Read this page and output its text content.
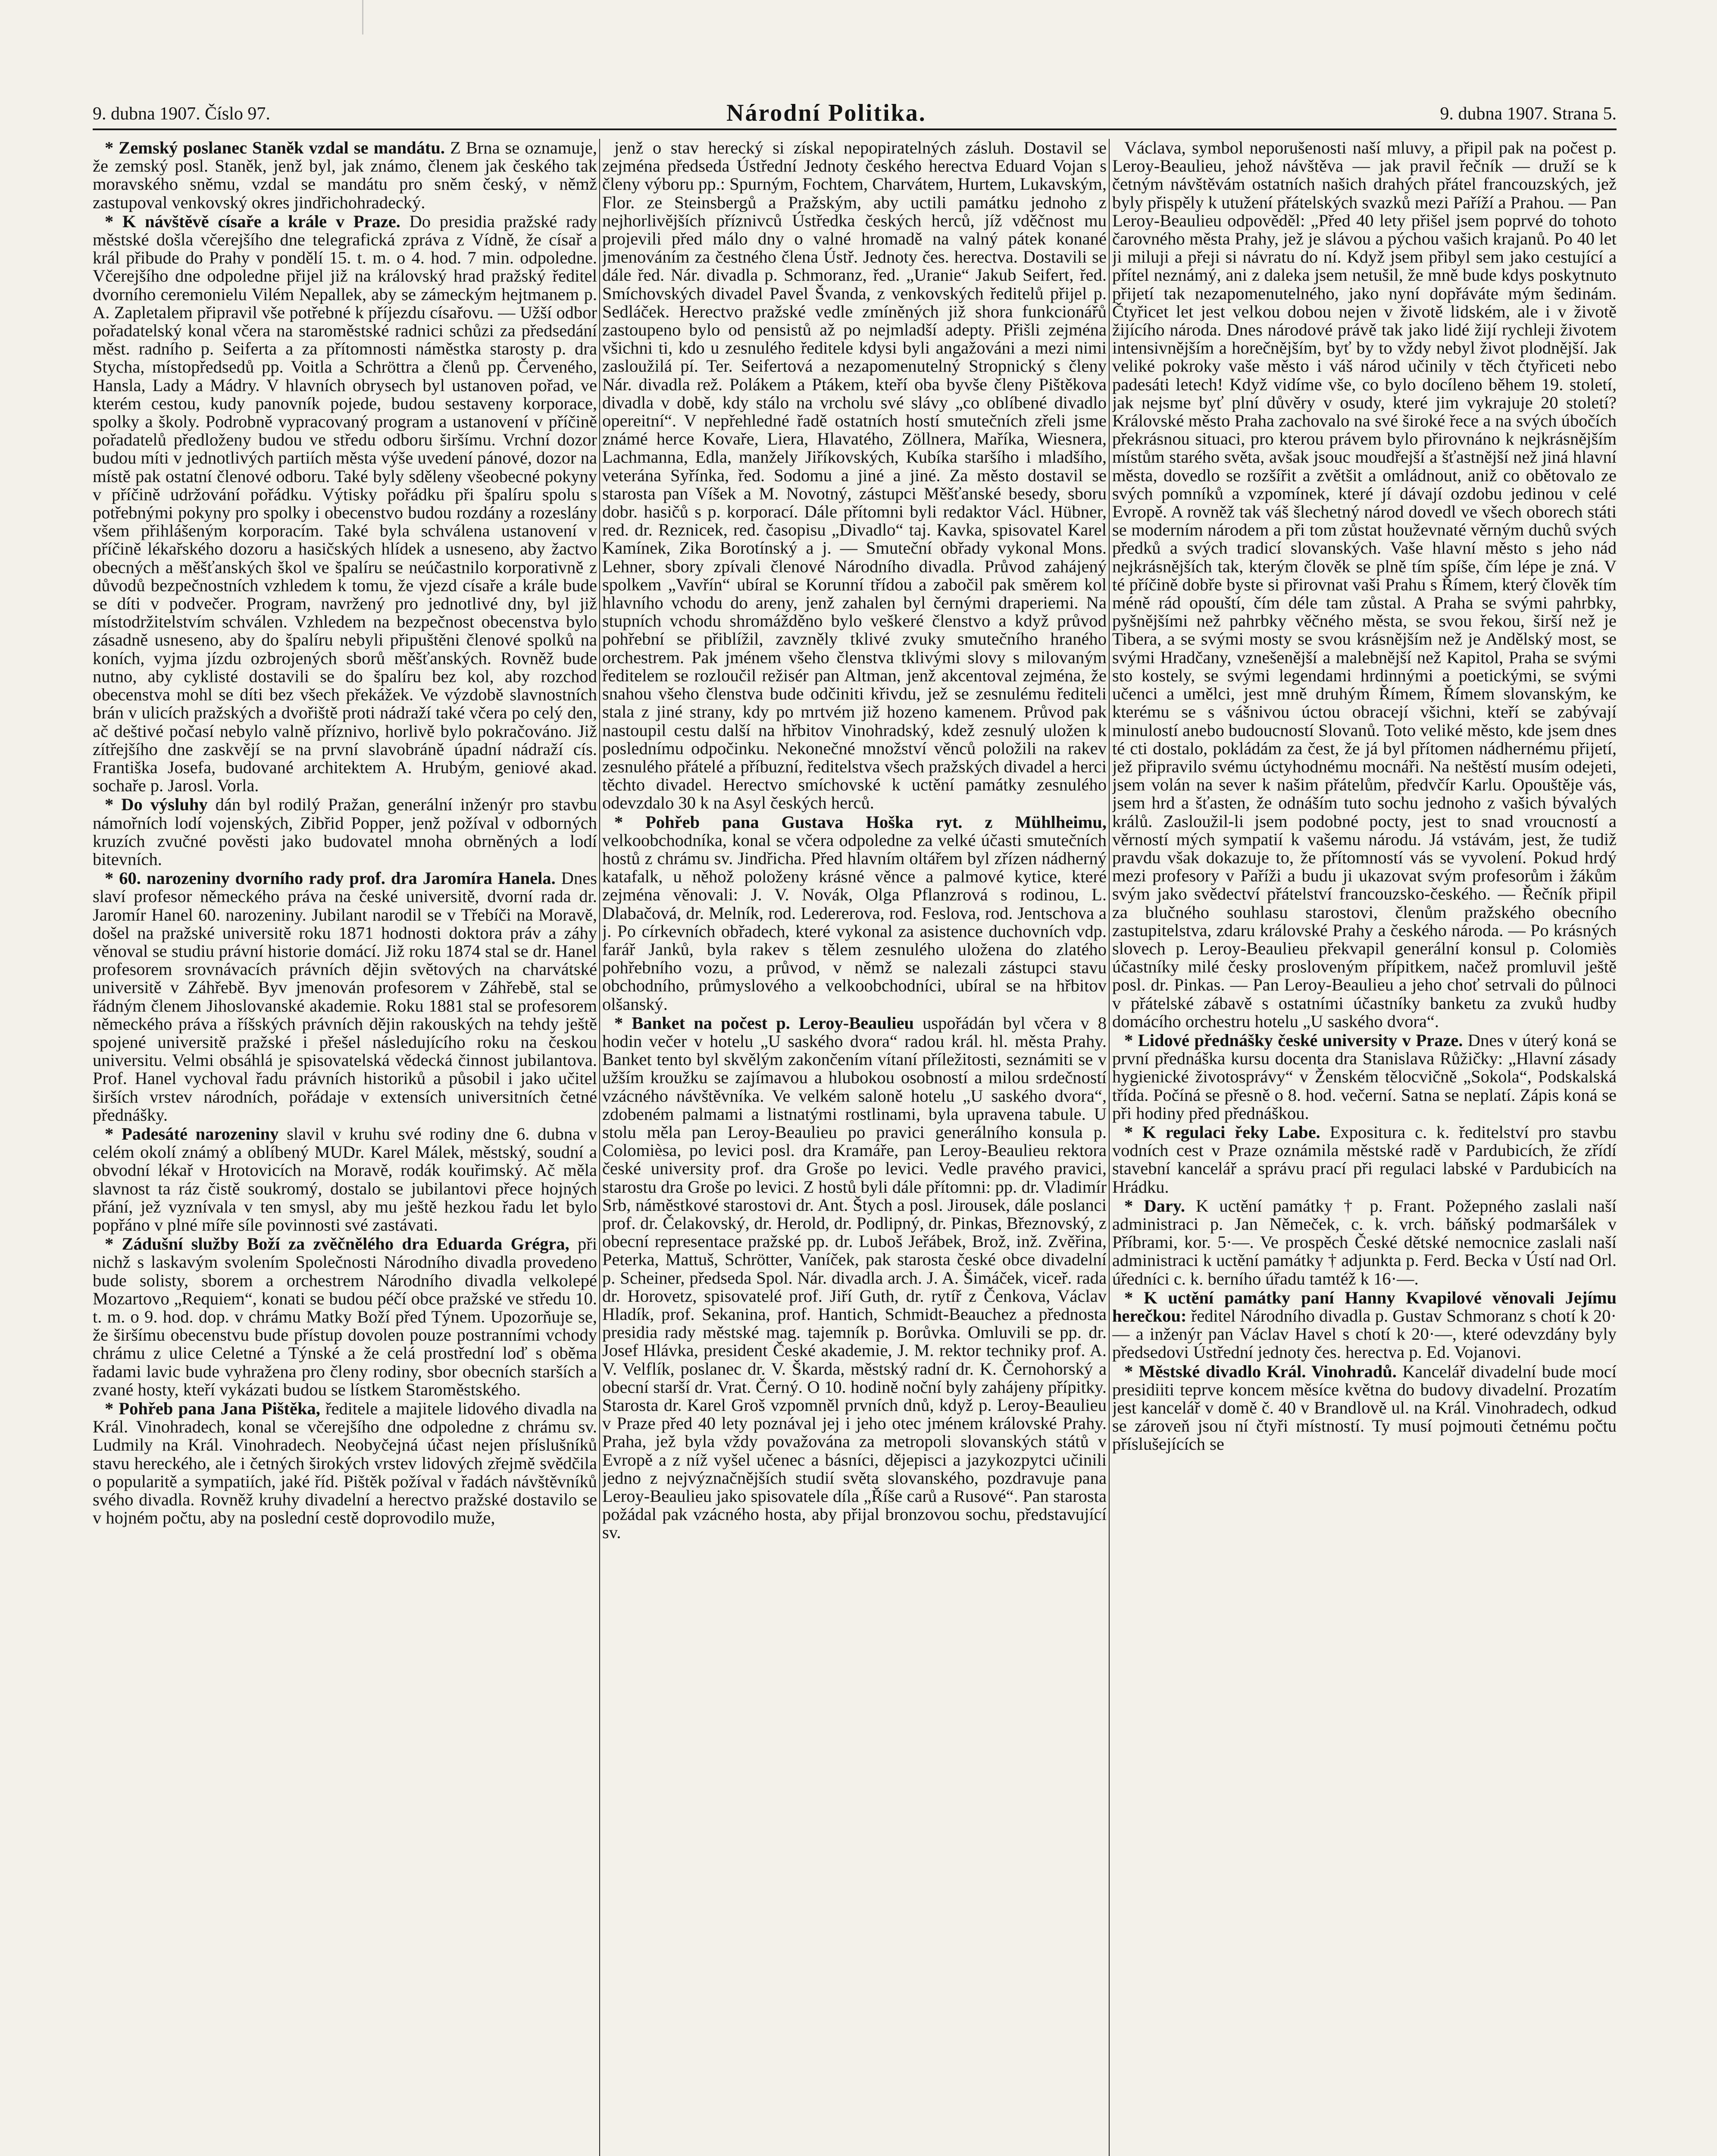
9. dubna 1907. Číslo 97.	Národní Politika.	9. dubna 1907. Strana 5.

* Zemský poslanec Staněk vzdal se mandátu. Z Brna se oznamuje, že zemský posl. Staněk, jenž byl, jak známo, členem jak českého tak moravského sněmu, vzdal se mandátu pro sněm český, v němž zastupoval venkovský okres jindřichohradecký.

* K návštěvě císaře a krále v Praze. Do presidia pražské rady městské došla včerejšího dne telegrafická zpráva z Vídně, že císař a král přibude do Prahy v pondělí 15. t. m. o 4. hod. 7 min. odpoledne. Včerejšího dne odpoledne přijel již na královský hrad pražský ředitel dvorního ceremonielu Vilém Nepallek, aby se zámeckým hejtmanem p. A. Zapletalem připravil vše potřebné k příjezdu císařovu. — Užší odbor pořadatelský konal včera na staroměstské radnici schůzi za předsedání měst. radního p. Seiferta a za přítomnosti náměstka starosty p. dra Stycha, místopředsedů pp. Voitla a Schröttra a členů pp. Červeného, Hansla, Lady a Mádry. V hlavních obrysech byl ustanoven pořad, ve kterém cestou, kudy panovník pojede, budou sestaveny korporace, spolky a školy. Podrobně vypracovaný program a ustanovení v příčině pořadatelů předloženy budou ve středu odboru širšímu. Vrchní dozor budou míti v jednotlivých partiích města výše uvedení pánové, dozor na místě pak ostatní členové odboru. Také byly sděleny všeobecné pokyny v příčině udržování pořádku. Výtisky pořádku při špalíru spolu s potřebnými pokyny pro spolky i obecenstvo budou rozdány a rozeslány všem přihlášeným korporacím. Také byla schválena ustanovení v příčině lékařského dozoru a hasičských hlídek a usneseno, aby žactvo obecných a měšťanských škol ve špalíru se neúčastnilo korporativně z důvodů bezpečnostních vzhledem k tomu, že vjezd císaře a krále bude se díti v podvečer. Program, navržený pro jednotlivé dny, byl již místodržitelstvím schválen. Vzhledem na bezpečnost obecenstva bylo zásadně usneseno, aby do špalíru nebyli připuštěni členové spolků na koních, vyjma jízdu ozbrojených sborů měšťanských. Rovněž bude nutno, aby cyklisté dostavili se do špalíru bez kol, aby rozchod obecenstva mohl se díti bez všech překážek. Ve výzdobě slavnostních brán v ulicích pražských a dvořiště proti nádraží také včera po celý den, ač deštivé počasí nebylo valně příznivo, horlivě bylo pokračováno. Již zítřejšího dne zaskvějí se na první slavobráně úpadní nádraží cís. Františka Josefa, budované architektem A. Hrubým, geniové akad. sochaře p. Jarosl. Vorla.

* Do výsluhy dán byl rodilý Pražan, generální inženýr pro stavbu námořních lodí vojenských, Zibřid Popper, jenž požíval v odborných kruzích zvučné pověsti jako budovatel mnoha obrněných a lodí bitevních.

* 60. narozeniny dvorního rady prof. dra Jaromíra Hanela. Dnes slaví profesor německého práva na české universitě, dvorní rada dr. Jaromír Hanel 60. narozeniny. Jubilant narodil se v Třebíči na Moravě, došel na pražské universitě roku 1871 hodnosti doktora práv a záhy věnoval se studiu právní historie domácí. Již roku 1874 stal se dr. Hanel profesorem srovnávacích právních dějin světových na charvátské universitě v Záhřebě. Byv jmenován profesorem v Záhřebě, stal se řádným členem Jihoslovanské akademie. Roku 1881 stal se profesorem německého práva a říšských právních dějin rakouských na tehdy ještě spojené universitě pražské i přešel následujícího roku na českou universitu. Velmi obsáhlá je spisovatelská vědecká činnost jubilantova. Prof. Hanel vychoval řadu právních historiků a působil i jako učitel širších vrstev národních, pořádaje v extensích universitních četné přednášky.

* Padesáté narozeniny slavil v kruhu své rodiny dne 6. dubna v celém okolí známý a oblíbený MUDr. Karel Málek, městský, soudní a obvodní lékař v Hrotovicích na Moravě, rodák kouřimský. Ač měla slavnost ta ráz čistě soukromý, dostalo se jubilantovi přece hojných přání, jež vyznívala v ten smysl, aby mu ještě hezkou řadu let bylo popřáno v plné míře síle povinnosti své zastávati.

* Zádušní služby Boží za zvěčnělého dra Eduarda Grégra, při nichž s laskavým svolením Společnosti Národního divadla provedeno bude solisty, sborem a orchestrem Národního divadla velkolepé Mozartovo „Requiem“, konati se budou péčí obce pražské ve středu 10. t. m. o 9. hod. dop. v chrámu Matky Boží před Týnem. Upozorňuje se, že širšímu obecenstvu bude přístup dovolen pouze postranními vchody chrámu z ulice Celetné a Týnské a že celá prostřední loď s oběma řadami lavic bude vyhražena pro členy rodiny, sbor obecních starších a zvané hosty, kteří vykázati budou se lístkem Staroměstského.

* Pohřeb pana Jana Pištěka, ředitele a majitele lidového divadla na Král. Vinohradech, konal se včerejšího dne odpoledne z chrámu sv. Ludmily na Král. Vinohradech. Neobyčejná účast nejen příslušníků stavu hereckého, ale i četných širokých vrstev lidových zřejmě svědčila o popularitě a sympatiích, jaké říd. Pištěk požíval v řadách návštěvníků svého divadla. Rovněž kruhy divadelní a herectvo pražské dostavilo se v hojném počtu, aby na poslední cestě doprovodilo muže,

jenž o stav herecký si získal nepopiratelných zásluh. Dostavil se zejména předseda Ústřední Jednoty českého herectva Eduard Vojan s členy výboru pp.: Spurným, Fochtem, Charvátem, Hurtem, Lukavským, Flor. ze Steinsbergů a Pražským, aby uctili památku jednoho z nejhorlivějších příznivců Ústředka českých herců, jíž vděčnost mu projevili před málo dny o valné hromadě na valný pátek konané jmenováním za čestného člena Ústř. Jednoty čes. herectva. Dostavili se dále řed. Nár. divadla p. Schmoranz, řed. „Uranie“ Jakub Seifert, řed. Smíchovských divadel Pavel Švanda, z venkovských ředitelů přijel p. Sedláček. Herectvo pražské vedle zmíněných již shora funkcionářů zastoupeno bylo od pensistů až po nejmladší adepty. Přišli zejména všichni ti, kdo u zesnulého ředitele kdysi byli angažováni a mezi nimi zasloužilá pí. Ter. Seifertová a nezapomenutelný Stropnický s členy Nár. divadla rež. Polákem a Ptákem, kteří oba byvše členy Pištěkova divadla v době, kdy stálo na vrcholu své slávy „co oblíbené divadlo opereitní“. V nepřehledné řadě ostatních hostí smutečních zřeli jsme známé herce Kovaře, Liera, Hlavatého, Zöllnera, Maříka, Wiesnera, Lachmanna, Edla, manžely Jiříkovských, Kubíka staršího i mladšího, veterána Syřínka, řed. Sodomu a jiné a jiné. Za město dostavil se starosta pan Víšek a M. Novotný, zástupci Měšťanské besedy, sboru dobr. hasičů s p. korporací. Dále přítomni byli redaktor Václ. Hübner, red. dr. Reznicek, red. časopisu „Divadlo“ taj. Kavka, spisovatel Karel Kamínek, Zika Borotínský a j. — Smuteční obřady vykonal Mons. Lehner, sbory zpívali členové Národního divadla. Průvod zahájený spolkem „Vavřín“ ubíral se Korunní třídou a zabočil pak směrem kol hlavního vchodu do areny, jenž zahalen byl černými draperiemi. Na stupních vchodu shromážděno bylo veškeré členstvo a když průvod pohřební se přiblížil, zavzněly tklivé zvuky smutečního hraného orchestrem. Pak jménem všeho členstva tklivými slovy s milovaným ředitelem se rozloučil režisér pan Altman, jenž akcentoval zejména, že snahou všeho členstva bude odčiniti křivdu, jež se zesnulému řediteli stala z jiné strany, kdy po mrtvém již hozeno kamenem. Průvod pak nastoupil cestu další na hřbitov Vinohradský, kdež zesnulý uložen k poslednímu odpočinku. Nekonečné množství věnců položili na rakev zesnulého přátelé a příbuzní, ředitelstva všech pražských divadel a herci těchto divadel. Herectvo smíchovské k uctění památky zesnulého odevzdalo 30 k na Asyl českých herců.

* Pohřeb pana Gustava Hoška ryt. z Mühlheimu, velkoobchodníka, konal se včera odpoledne za velké účasti smutečních hostů z chrámu sv. Jindřicha. Před hlavním oltářem byl zřízen nádherný katafalk, u něhož položeny krásné věnce a palmové kytice, které zejména věnovali: J. V. Novák, Olga Pflanzrová s rodinou, L. Dlabačová, dr. Melník, rod. Ledererova, rod. Feslova, rod. Jentschova a j. Po církevních obřadech, které vykonal za asistence duchovních vdp. farář Janků, byla rakev s tělem zesnulého uložena do zlatého pohřebního vozu, a průvod, v němž se nalezali zástupci stavu obchodního, průmyslového a velkoobchodníci, ubíral se na hřbitov olšanský.

* Banket na počest p. Leroy-Beaulieu uspořádán byl včera v 8 hodin večer v hotelu „U saského dvora“ radou král. hl. města Prahy. Banket tento byl skvělým zakončením vítaní příležitosti, seznámiti se v užším kroužku se zajímavou a hlubokou osobností a milou srdečností vzácného návštěvníka. Ve velkém saloně hotelu „U saského dvora“, zdobeném palmami a listnatými rostlinami, byla upravena tabule. U stolu měla pan Leroy-Beaulieu po pravici generálního konsula p. Colomièsa, po levici posl. dra Kramáře, pan Leroy-Beaulieu rektora české university prof. dra Groše po levici. Vedle pravého pravici, starostu dra Groše po levici. Z hostů byli dále přítomni: pp. dr. Vladimír Srb, náměstkové starostovi dr. Ant. Štych a posl. Jirousek, dále poslanci prof. dr. Čelakovský, dr. Herold, dr. Podlipný, dr. Pinkas, Březnovský, z obecní representace pražské pp. dr. Luboš Jeřábek, Brož, inž. Zvěřina, Peterka, Mattuš, Schrötter, Vaníček, pak starosta české obce divadelní p. Scheiner, předseda Spol. Nár. divadla arch. J. A. Šimáček, viceř. rada dr. Horovetz, spisovatelé prof. Jiří Guth, dr. rytíř z Čenkova, Václav Hladík, prof. Sekanina, prof. Hantich, Schmidt-Beauchez a přednosta presidia rady městské mag. tajemník p. Borůvka. Omluvili se pp. dr. Josef Hlávka, president České akademie, J. M. rektor techniky prof. A. V. Velflík, poslanec dr. V. Škarda, městský radní dr. K. Černohorský a obecní starší dr. Vrat. Černý. O 10. hodině noční byly zahájeny přípitky. Starosta dr. Karel Groš vzpomněl prvních dnů, když p. Leroy-Beaulieu v Praze před 40 lety poznával jej i jeho otec jménem královské Prahy. Praha, jež byla vždy považována za metropoli slovanských států v Evropě a z níž vyšel učenec a básníci, dějepisci a jazykozpytci učinili jedno z nejvýznačnějších studií světa slovanského, pozdravuje pana Leroy-Beaulieu jako spisovatele díla „Říše carů a Rusové“. Pan starosta požádal pak vzácného hosta, aby přijal bronzovou sochu, představující sv.

Václava, symbol neporušenosti naší mluvy, a připil pak na počest p. Leroy-Beaulieu, jehož návštěva — jak pravil řečník — druží se k četným návštěvám ostatních našich drahých přátel francouzských, jež byly přispěly k utužení přátelských svazků mezi Paříží a Prahou. — Pan Leroy-Beaulieu odpověděl: „Před 40 lety přišel jsem poprvé do tohoto čarovného města Prahy, jež je slávou a pýchou vašich krajanů. Po 40 let ji miluji a přeji si návratu do ní. Když jsem přibyl sem jako cestující a přítel neznámý, ani z daleka jsem netušil, že mně bude kdys poskytnuto přijetí tak nezapomenutelného, jako nyní dopřáváte mým šedinám. Čtyřicet let jest velkou dobou nejen v životě lidském, ale i v životě žijícího národa. Dnes národové právě tak jako lidé žijí rychleji životem intensivnějším a horečnějším, byť by to vždy nebyl život plodnější. Jak veliké pokroky vaše město i váš národ učinily v těch čtyřiceti nebo padesáti letech! Když vidíme vše, co bylo docíleno během 19. století, jak nejsme byť plní důvěry v osudy, které jim vykrajuje 20 století? Královské město Praha zachovalo na své široké řece a na svých úbočích překrásnou situaci, pro kterou právem bylo přirovnáno k nejkrásnějším místům starého světa, avšak jsouc moudřejší a šťastnější než jiná hlavní města, dovedlo se rozšířit a zvětšit a omládnout, aniž co obětovalo ze svých pomníků a vzpomínek, které jí dávají ozdobu jedinou v celé Evropě. A rovněž tak váš šlechetný národ dovedl ve všech oborech státi se moderním národem a při tom zůstat houževnaté věrným duchů svých předků a svých tradicí slovanských. Vaše hlavní město s jeho nád nejkrásnějších tak, kterým člověk se plně tím spíše, čím lépe je zná. V té příčině dobře byste si přirovnat vaši Prahu s Římem, který člověk tím méně rád opouští, čím déle tam zůstal. A Praha se svými pahrbky, pyšnějšími než pahrbky věčného města, se svou řekou, širší než je Tibera, a se svými mosty se svou krásnějším než je Andělský most, se svými Hradčany, vznešenější a malebnější než Kapitol, Praha se svými sto kostely, se svými legendami hrdinnými a poetickými, se svými učenci a umělci, jest mně druhým Římem, Římem slovanským, ke kterému se s vášnivou úctou obracejí všichni, kteří se zabývají minulostí anebo budoucností Slovanů. Toto veliké město, kde jsem dnes té cti dostalo, pokládám za čest, že já byl přítomen nádhernému přijetí, jež připravilo svému úctyhodnému mocnáři. Na neštěstí musím odejeti, jsem volán na sever k našim přátelům, předvčír Karlu. Opouštěje vás, jsem hrd a šťasten, že odnáším tuto sochu jednoho z vašich bývalých králů. Zasloužil-li jsem podobné pocty, jest to snad vroucností a věrností mých sympatií k vašemu národu. Já vstávám, jest, že tudiž pravdu však dokazuje to, že přítomností vás se vyvolení. Pokud hrdý mezi profesory v Paříži a budu ji ukazovat svým profesorům i žákům svým jako svědectví přátelství francouzsko-českého. — Řečník připil za blučného souhlasu starostovi, členům pražského obecního zastupitelstva, zdaru královské Prahy a českého národa. — Po krásných slovech p. Leroy-Beaulieu překvapil generální konsul p. Colomiès účastníky milé česky prosloveným přípitkem, načež promluvil ještě posl. dr. Pinkas. — Pan Leroy-Beaulieu a jeho choť setrvali do půlnoci v přátelské zábavě s ostatními účastníky banketu za zvuků hudby domácího orchestru hotelu „U saského dvora“.

* Lidové přednášky české university v Praze. Dnes v úterý koná se první přednáška kursu docenta dra Stanislava Růžičky: „Hlavní zásady hygienické životosprávy“ v Ženském tělocvičně „Sokola“, Podskalská třída. Počíná se přesně o 8. hod. večerní. Satna se neplatí. Zápis koná se při hodiny před přednáškou.

* K regulaci řeky Labe. Expositura c. k. ředitelství pro stavbu vodních cest v Praze oznámila městské radě v Pardubicích, že zřídí stavební kancelář a správu prací při regulaci labské v Pardubicích na Hrádku.

* Dary. K uctění památky † p. Frant. Požepného zaslali naší administraci p. Jan Němeček, c. k. vrch. báňský podmaršálek v Příbrami, kor. 5·—. Ve prospěch České dětské nemocnice zaslali naší administraci k uctění památky † adjunkta p. Ferd. Becka v Ústí nad Orl. úředníci c. k. berního úřadu tamtéž k 16·—.

* K uctění památky paní Hanny Kvapilové věnovali Jejímu herečkou: ředitel Národního divadla p. Gustav Schmoranz s chotí k 20·— a inženýr pan Václav Havel s chotí k 20·—, které odevzdány byly předsedovi Ústřední jednoty čes. herectva p. Ed. Vojanovi.

* Městské divadlo Král. Vinohradů. Kancelář divadelní bude mocí presidiiti teprve koncem měsíce května do budovy divadelní. Prozatím jest kancelář v domě č. 40 v Brandlově ul. na Král. Vinohradech, odkud se zároveň jsou ní čtyři místností. Ty musí pojmouti četnému počtu příslušejících se
